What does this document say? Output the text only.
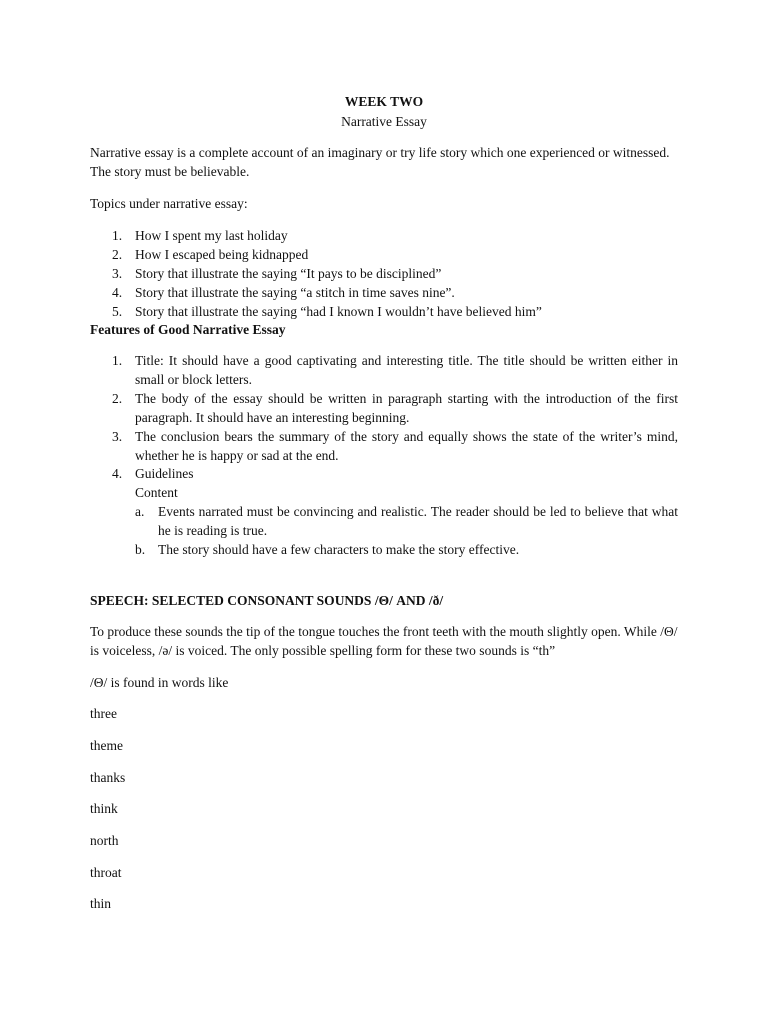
WEEK TWO

Narrative Essay

Narrative essay is a complete account of an imaginary or try life story which one experienced or witnessed. The story must be believable.

Topics under narrative essay:

1. How I spent my last holiday
2. How I escaped being kidnapped
3. Story that illustrate the saying “It pays to be disciplined”
4. Story that illustrate the saying “a stitch in time saves nine”.
5. Story that illustrate the saying “had I known I wouldn’t have believed him”

Features of Good Narrative Essay

1. Title: It should have a good captivating and interesting title. The title should be written either in small or block letters.
2. The body of the essay should be written in paragraph starting with the introduction of the first paragraph. It should have an interesting beginning.
3. The conclusion bears the summary of the story and equally shows the state of the writer’s mind, whether he is happy or sad at the end.
4. Guidelines
Content
a. Events narrated must be convincing and realistic. The reader should be led to believe that what he is reading is true.
b. The story should have a few characters to make the story effective.

SPEECH: SELECTED CONSONANT SOUNDS /Θ/ AND /ð/

To produce these sounds the tip of the tongue touches the front teeth with the mouth slightly open. While /Θ/ is voiceless, /ə/ is voiced. The only possible spelling form for these two sounds is “th”

/Θ/ is found in words like

three

theme

thanks

think

north

throat

thin
